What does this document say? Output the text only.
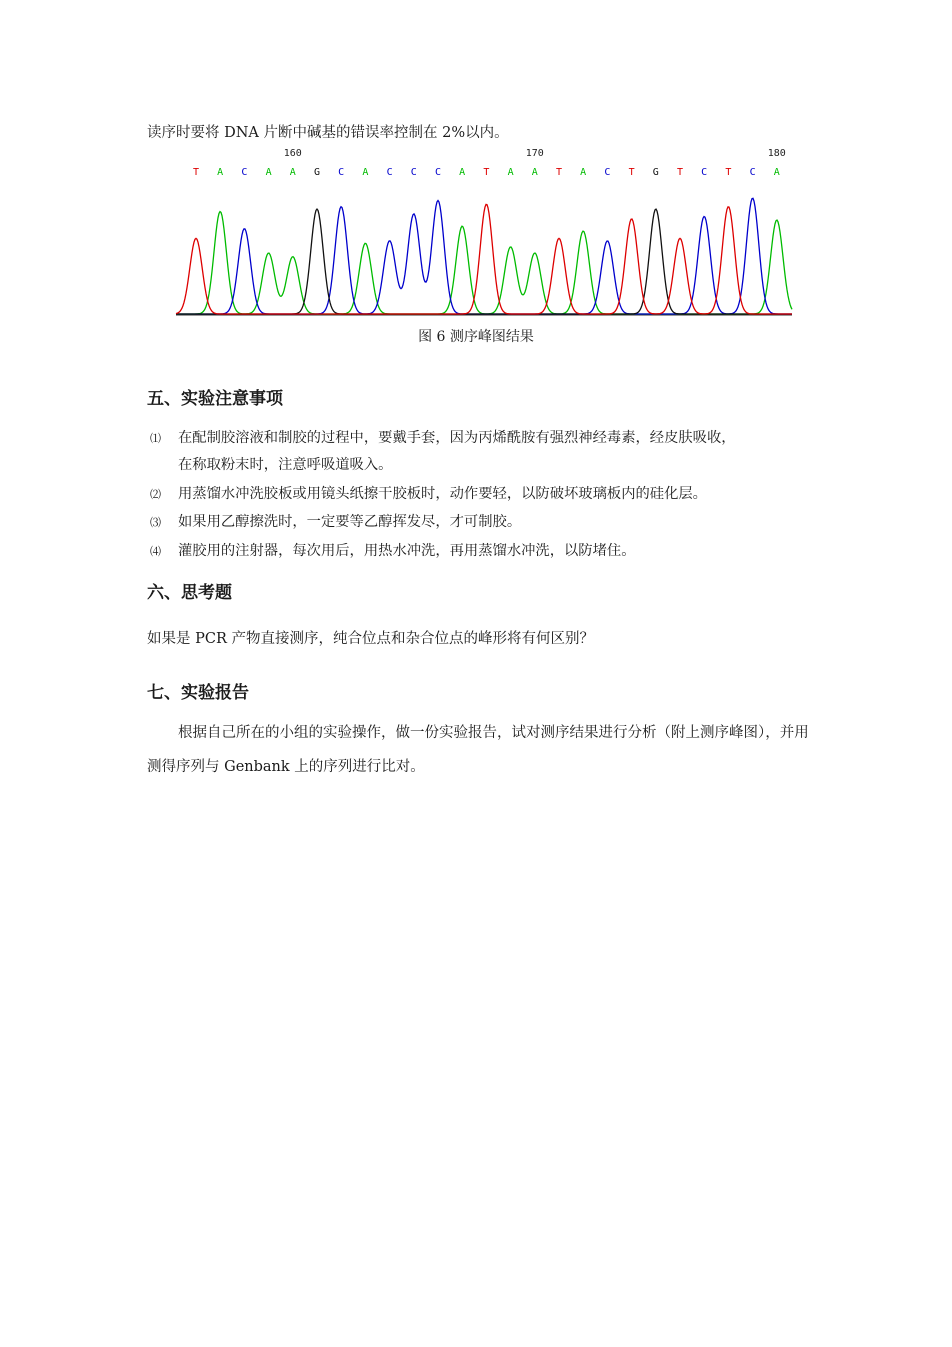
读序时要将 DNA 片断中碱基的错误率控制在 2%以内。
160	170	180
T A C A A G C A C C C A T A A T A C T G T C T C A
图 6 测序峰图结果
五、实验注意事项
⑴ 在配制胶溶液和制胶的过程中，要戴手套，因为丙烯酰胺有强烈神经毒素，经皮肤吸收，
在称取粉末时，注意呼吸道吸入。
⑵ 用蒸馏水冲洗胶板或用镜头纸擦干胶板时，动作要轻，以防破坏玻璃板内的硅化层。
⑶ 如果用乙醇擦洗时，一定要等乙醇挥发尽，才可制胶。
⑷ 灌胶用的注射器，每次用后，用热水冲洗，再用蒸馏水冲洗，以防堵住。
六、思考题
如果是 PCR 产物直接测序，纯合位点和杂合位点的峰形将有何区别？
七、实验报告
根据自己所在的小组的实验操作，做一份实验报告，试对测序结果进行分析（附上测序峰图），并用测得序列与 Genbank 上的序列进行比对。
